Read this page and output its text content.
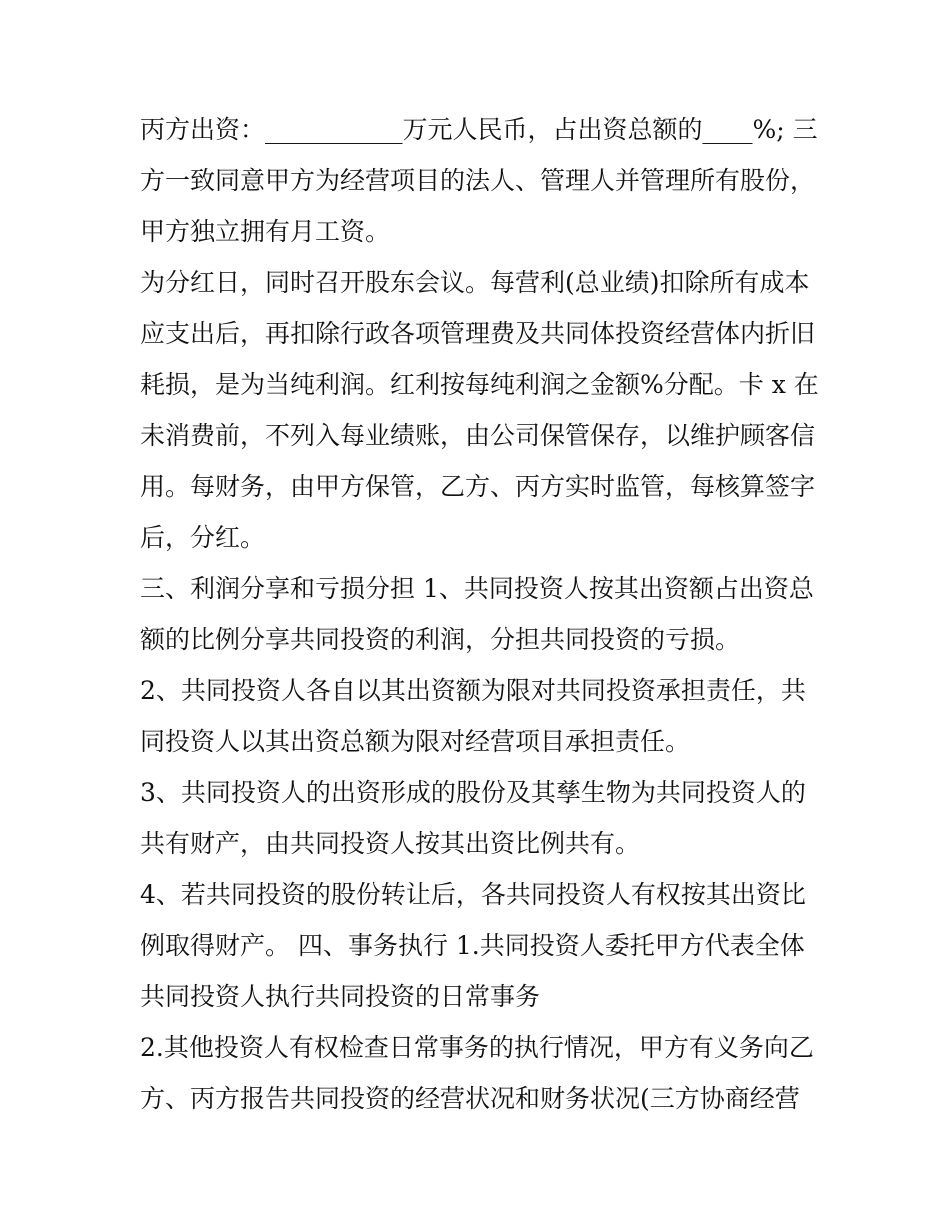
丙方出资：___________万元人民币，占出资总额的____%; 三
方一致同意甲方为经营项目的法人、管理人并管理所有股份，
甲方独立拥有月工资。
为分红日，同时召开股东会议。每营利(总业绩)扣除所有成本
应支出后，再扣除行政各项管理费及共同体投资经营体内折旧
耗损，是为当纯利润。红利按每纯利润之金额%分配。卡 x 在
未消费前，不列入每业绩账，由公司保管保存，以维护顾客信
用。每财务，由甲方保管，乙方、丙方实时监管，每核算签字
后，分红。
三、利润分享和亏损分担 1、共同投资人按其出资额占出资总
额的比例分享共同投资的利润，分担共同投资的亏损。
2、共同投资人各自以其出资额为限对共同投资承担责任，共
同投资人以其出资总额为限对经营项目承担责任。
3、共同投资人的出资形成的股份及其孳生物为共同投资人的
共有财产，由共同投资人按其出资比例共有。
4、若共同投资的股份转让后，各共同投资人有权按其出资比
例取得财产。 四、事务执行 1.共同投资人委托甲方代表全体
共同投资人执行共同投资的日常事务
2.其他投资人有权检查日常事务的执行情况，甲方有义务向乙
方、丙方报告共同投资的经营状况和财务状况(三方协商经营
